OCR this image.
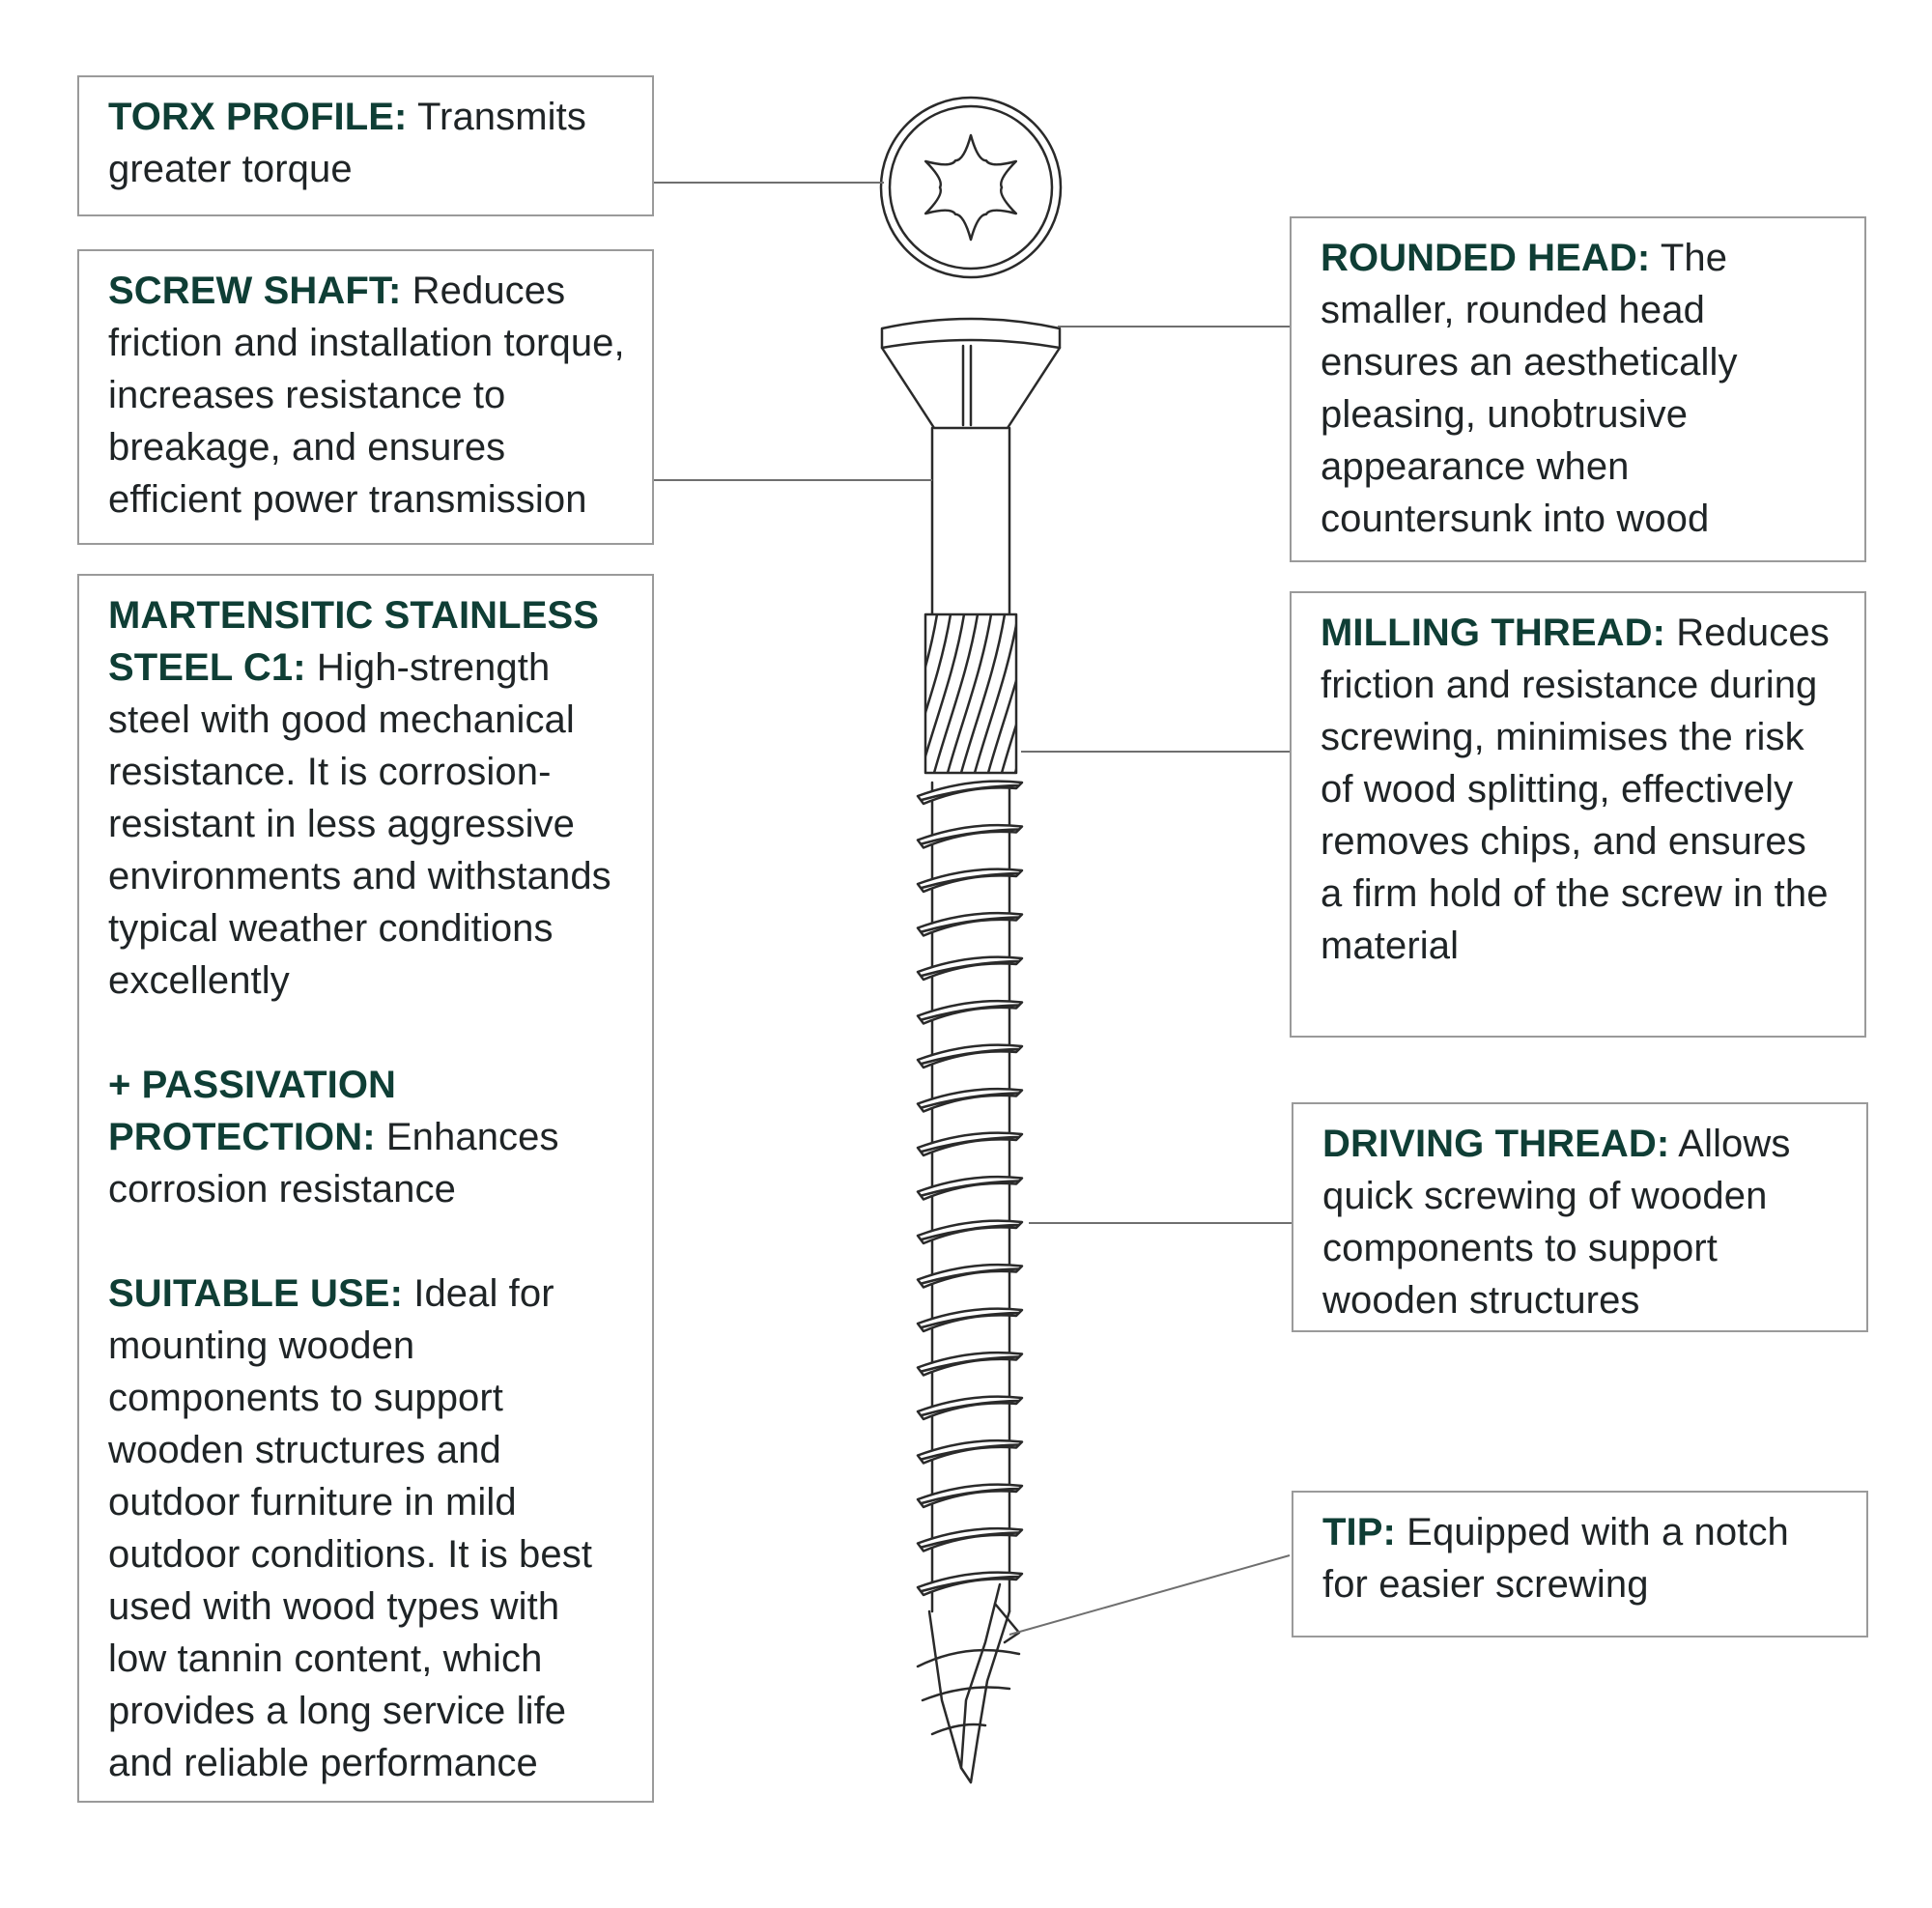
TORX PROFILE: Transmits greater torque

SCREW SHAFT: Reduces friction and installation torque, increases resistance to breakage, and ensures efficient power transmission

MARTENSITIC STAINLESS STEEL C1: High-strength steel with good mechanical resistance. It is corrosion-resistant in less aggressive environments and withstands typical weather conditions excellently

+ PASSIVATION PROTECTION: Enhances corrosion resistance

SUITABLE USE: Ideal for mounting wooden components to support wooden structures and outdoor furniture in mild outdoor conditions. It is best used with wood types with low tannin content, which provides a long service life and reliable performance

ROUNDED HEAD: The smaller, rounded head ensures an aesthetically pleasing, unobtrusive appearance when countersunk into wood

MILLING THREAD: Reduces friction and resistance during screwing, minimises the risk of wood splitting, effectively removes chips, and ensures a firm hold of the screw in the material

DRIVING THREAD: Allows quick screwing of wooden components to support wooden structures

TIP: Equipped with a notch for easier screwing
